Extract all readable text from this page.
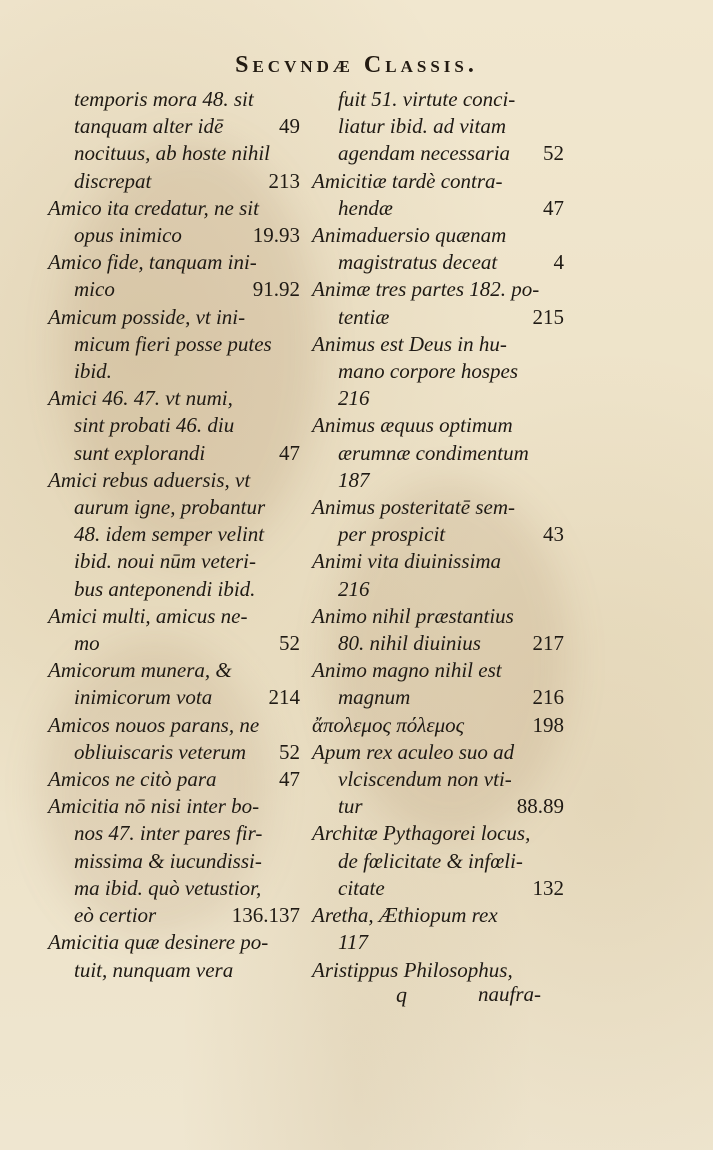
Secvndæ Classis.
temporis mora 48. sit
tanquam alter idē	49
nocituus, ab hoste nihil
discrepat	213
Amico ita credatur, ne sit
opus inimico	19.93
Amico fide, tanquam ini-
mico	91.92
Amicum posside, vt ini-
micum fieri posse putes
ibid.
Amici 46. 47. vt numi,
sint probati 46. diu
sunt explorandi	47
Amici rebus aduersis, vt
aurum igne, probantur
48. idem semper velint
ibid. noui nūm veteri-
bus anteponendi ibid.
Amici multi, amicus ne-
mo	52
Amicorum munera, &
inimicorum vota	214
Amicos nouos parans, ne
obliuiscaris veterum 52
Amicos ne citò para	47
Amicitia nō nisi inter bo-
nos 47. inter pares fir-
missima & iucundissi-
ma ibid. quò vetustior,
eò certior	136.137
Amicitia quæ desinere po-
tuit, nunquam vera
fuit 51. virtute conci-
liatur ibid. ad vitam
agendam necessaria 52
Amicitiæ tardè contra-
hendæ	47
Animaduersio quænam
magistratus deceat	4
Animæ tres partes 182. po-
tentiæ	215
Animus est Deus in hu-
mano corpore hospes
216
Animus æquus optimum
ærumnæ condimentum
187
Animus posteritatē sem-
per prospicit	43
Animi vita diuinissima
216
Animo nihil præstantius
80. nihil diuinius 217
Animo magno nihil est
magnum	216
ἄπολεμος πόλεμος	198
Apum rex aculeo suo ad
vlciscendum non vti-
tur	88.89
Architæ Pythagorei locus,
de fœlicitate & infœli-
citate	132
Aretha, Æthiopum rex
117
Aristippus Philosophus,
q	naufra-
